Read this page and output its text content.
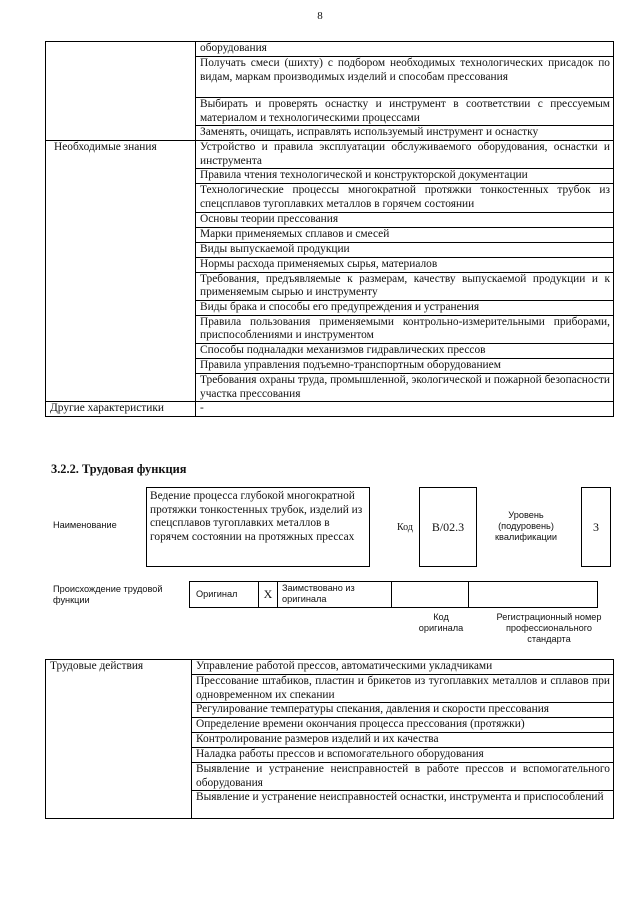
8
	оборудования
	Получать смеси (шихту) с подбором необходимых технологических присадок по видам, маркам производимых изделий и способам прессования
	Выбирать и проверять оснастку и инструмент в соответствии с прессуемым материалом и технологическими процессами
	Заменять, очищать, исправлять используемый инструмент и оснастку
Необходимые знания	Устройство и правила эксплуатации обслуживаемого оборудования, оснастки и инструмента
	Правила чтения технологической и конструкторской документации
	Технологические процессы многократной протяжки тонкостенных трубок из спецсплавов тугоплавких металлов в горячем состоянии
	Основы теории прессования
	Марки применяемых сплавов и смесей
	Виды выпускаемой продукции
	Нормы расхода применяемых сырья, материалов
	Требования, предъявляемые к размерам, качеству выпускаемой продукции и к применяемым сырью и инструменту
	Виды брака и способы его предупреждения и устранения
	Правила пользования применяемыми контрольно-измерительными приборами, приспособлениями и инструментом
	Способы подналадки механизмов гидравлических прессов
	Правила управления подъемно-транспортным оборудованием
	Требования охраны труда, промышленной, экологической и пожарной безопасности участка прессования
Другие характеристики	-
3.2.2. Трудовая функция
Наименование
Ведение процесса глубокой многократной протяжки тонкостенных трубок, изделий из спецсплавов тугоплавких металлов в горячем состоянии на протяжных прессах
Код	B/02.3
Уровень (подуровень) квалификации
3
Происхождение трудовой функции
Оригинал	X	Заимствовано из оригинала
Код оригинала
Регистрационный номер профессионального стандарта
Трудовые действия	Управление работой прессов, автоматическими укладчиками
Прессование штабиков, пластин и брикетов из тугоплавких металлов и сплавов при одновременном их спекании
Регулирование температуры спекания, давления и скорости прессования
Определение времени окончания процесса прессования (протяжки)
Контролирование размеров изделий и их качества
Наладка работы прессов и вспомогательного оборудования
Выявление и устранение неисправностей в работе прессов и вспомогательного оборудования
Выявление и устранение неисправностей оснастки, инструмента и приспособлений
